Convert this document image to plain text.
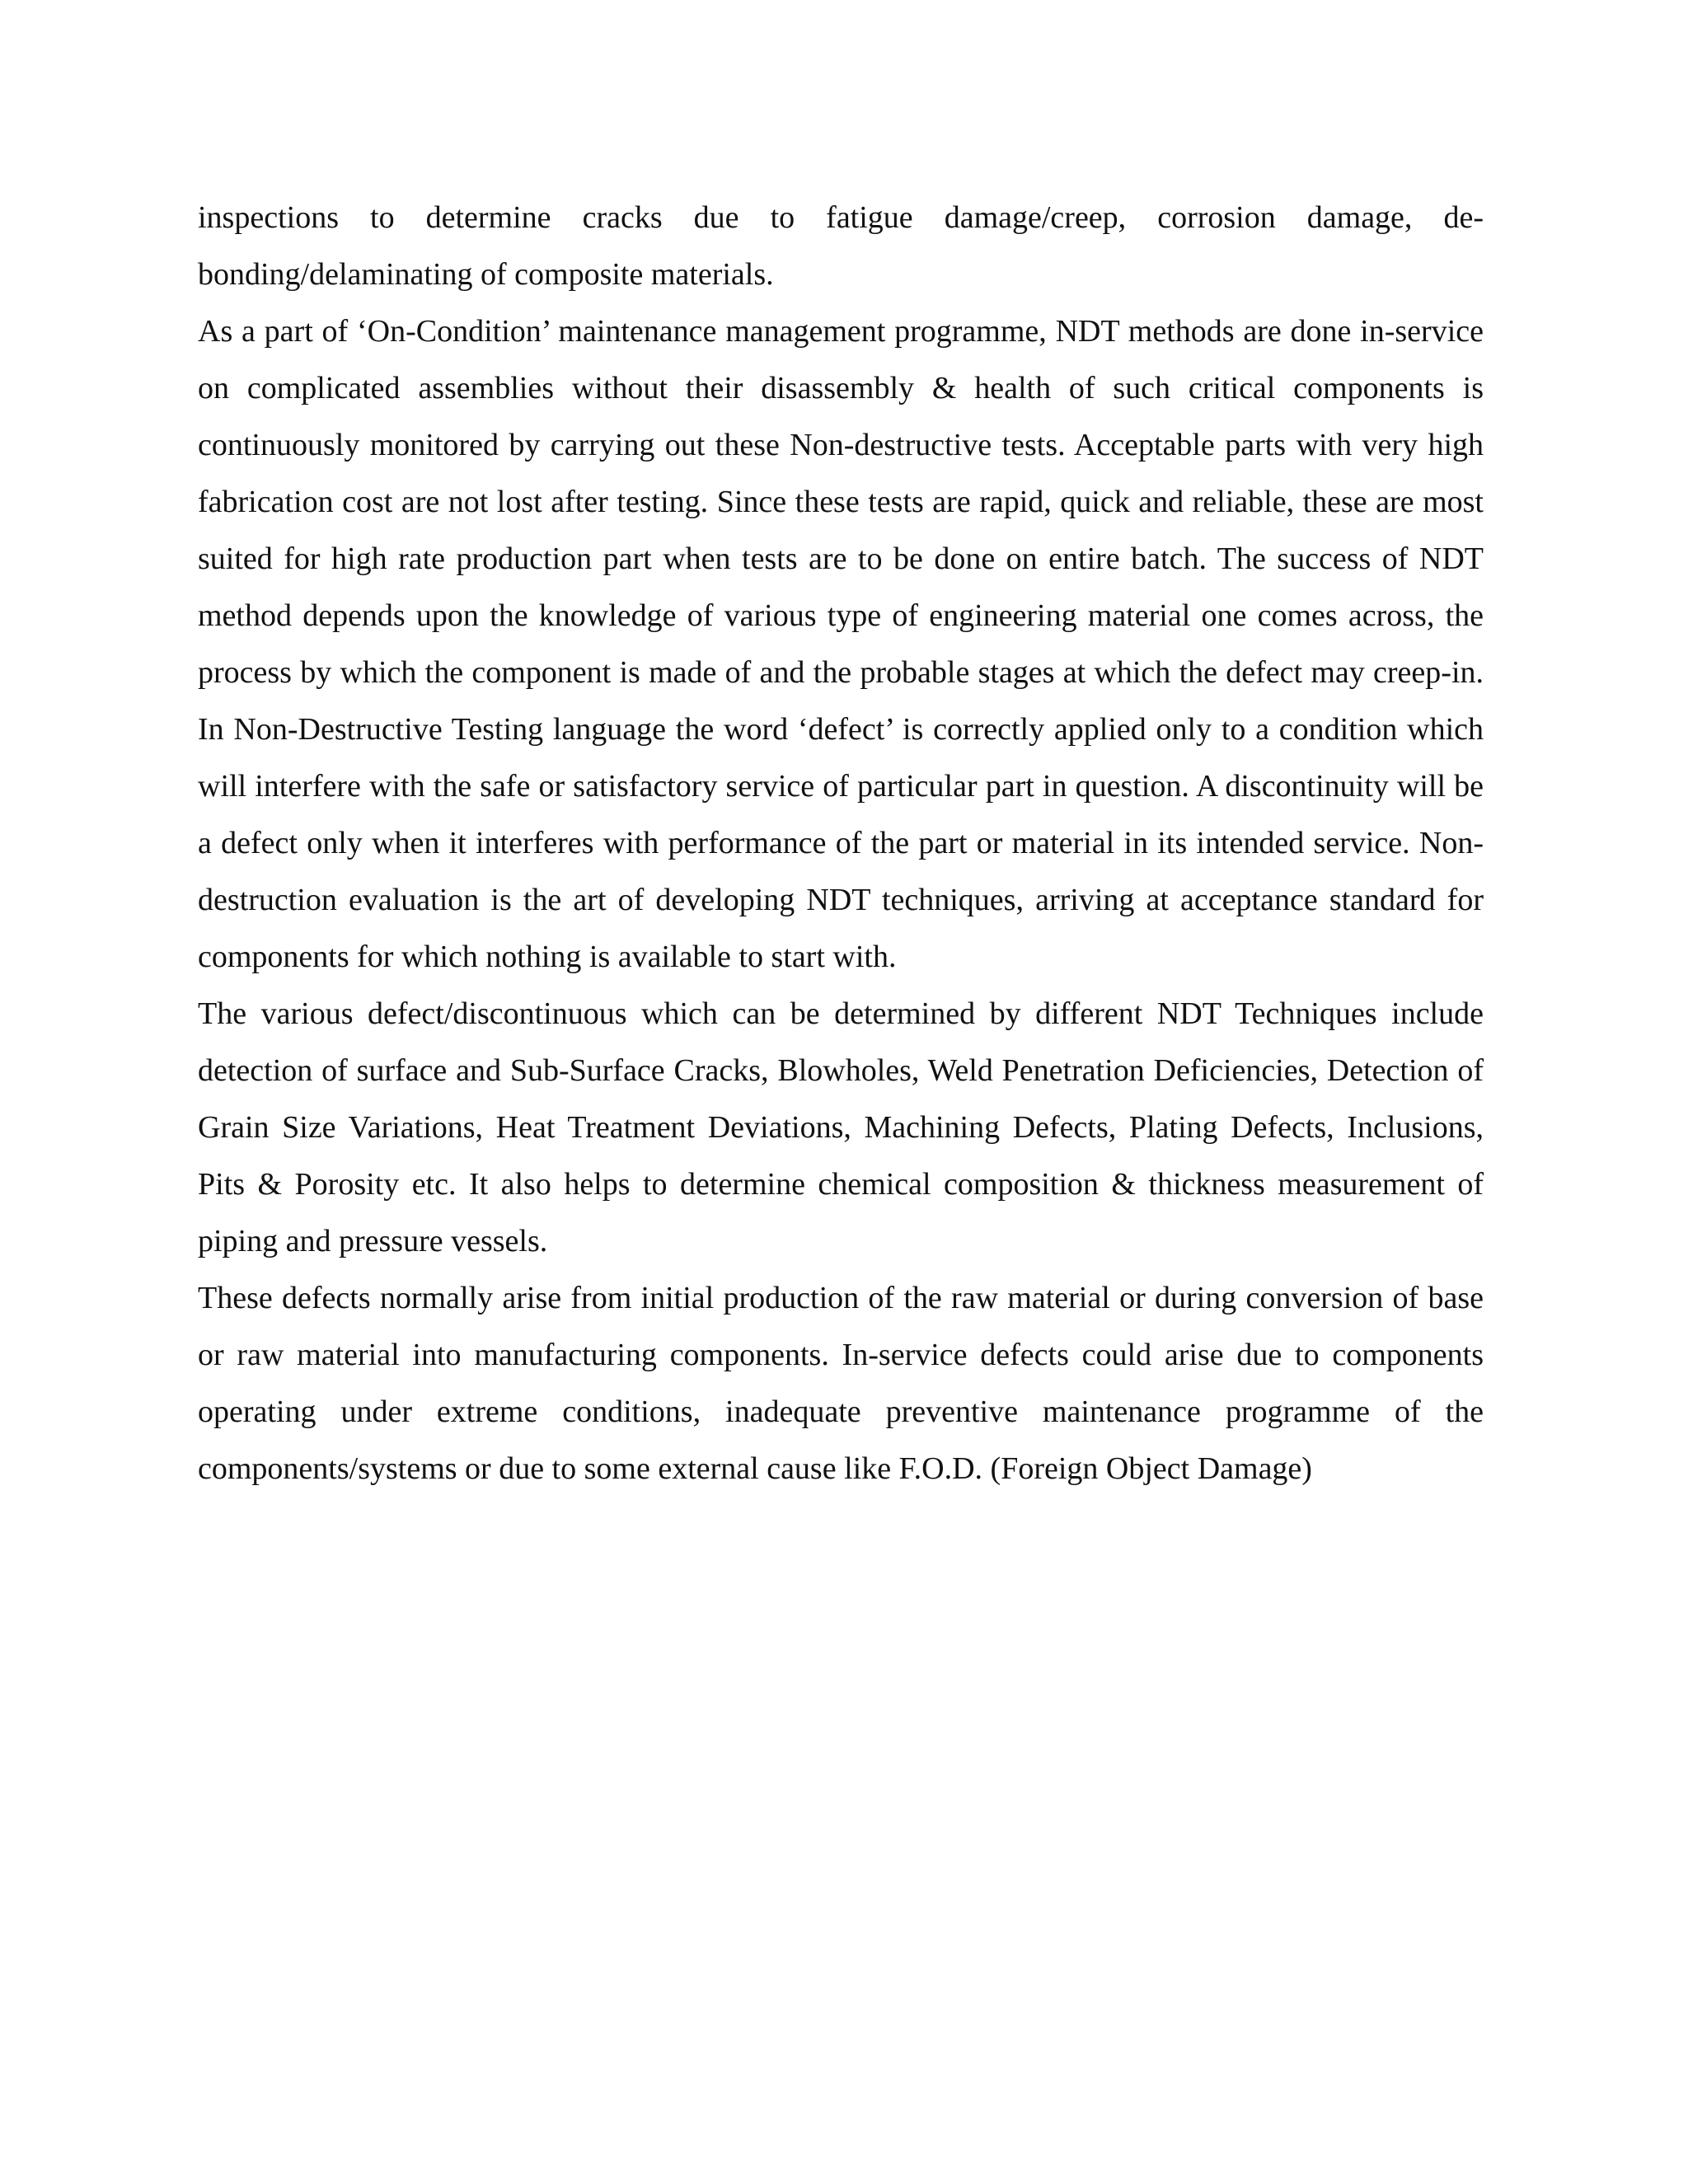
inspections to determine cracks due to fatigue damage/creep, corrosion damage, de-bonding/delaminating of composite materials.

As a part of ‘On-Condition’ maintenance management programme, NDT methods are done in-service on complicated assemblies without their disassembly & health of such critical components is continuously monitored by carrying out these Non-destructive tests. Acceptable parts with very high fabrication cost are not lost after testing. Since these tests are rapid, quick and reliable, these are most suited for high rate production part when tests are to be done on entire batch. The success of NDT method depends upon the knowledge of various type of engineering material one comes across, the process by which the component is made of and the probable stages at which the defect may creep-in. In Non-Destructive Testing language the word ‘defect’ is correctly applied only to a condition which will interfere with the safe or satisfactory service of particular part in question. A discontinuity will be a defect only when it interferes with performance of the part or material in its intended service. Non-destruction evaluation is the art of developing NDT techniques, arriving at acceptance standard for components for which nothing is available to start with.

The various defect/discontinuous which can be determined by different NDT Techniques include detection of surface and Sub-Surface Cracks, Blowholes, Weld Penetration Deficiencies, Detection of Grain Size Variations, Heat Treatment Deviations, Machining Defects, Plating Defects, Inclusions, Pits & Porosity etc. It also helps to determine chemical composition & thickness measurement of piping and pressure vessels.

These defects normally arise from initial production of the raw material or during conversion of base or raw material into manufacturing components. In-service defects could arise due to components operating under extreme conditions, inadequate preventive maintenance programme of the components/systems or due to some external cause like F.O.D. (Foreign Object Damage)
